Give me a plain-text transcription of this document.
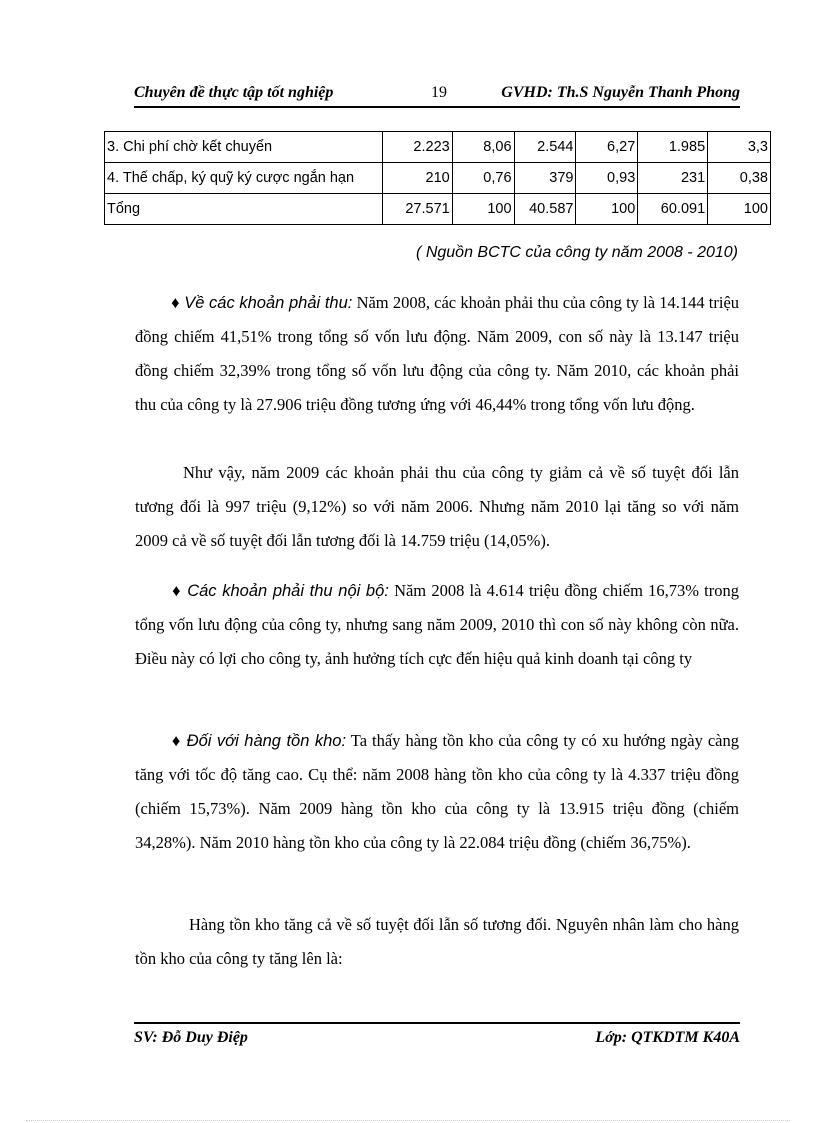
Chuyên đề thực tập tốt nghiệp	19	GVHD: Th.S Nguyễn Thanh Phong
3. Chi phí chờ kết chuyển	2.223	8,06	2.544	6,27	1.985	3,3
4. Thế chấp, ký quỹ ký cược ngắn hạn	210	0,76	379	0,93	231	0,38
Tổng	27.571	100	40.587	100	60.091	100
( Nguồn BCTC của công ty năm 2008 - 2010)
♦ Về các khoản phải thu: Năm 2008, các khoản phải thu của công ty là 14.144 triệu đồng chiếm 41,51% trong tổng số vốn lưu động. Năm 2009, con số này là 13.147 triệu đồng chiếm 32,39% trong tổng số vốn lưu động của công ty. Năm 2010, các khoản phải thu của công ty là 27.906 triệu đồng tương ứng với 46,44% trong tổng vốn lưu động.
Như vậy, năm 2009 các khoản phải thu của công ty giảm cả về số tuyệt đối lẫn tương đối là 997 triệu (9,12%) so với năm 2006. Nhưng năm 2010 lại tăng so với năm 2009 cả về số tuyệt đối lẫn tương đối là 14.759 triệu (14,05%).
♦ Các khoản phải thu nội bộ: Năm 2008 là 4.614 triệu đồng chiếm 16,73% trong tổng vốn lưu động của công ty, nhưng sang năm 2009, 2010 thì con số này không còn nữa. Điều này có lợi cho công ty, ảnh hưởng tích cực đến hiệu quả kinh doanh tại công ty
♦ Đối với hàng tồn kho: Ta thấy hàng tồn kho của công ty có xu hướng ngày càng tăng với tốc độ tăng cao. Cụ thể: năm 2008 hàng tồn kho của công ty là 4.337 triệu đồng (chiếm 15,73%). Năm 2009 hàng tồn kho của công ty là 13.915 triệu đồng (chiếm 34,28%). Năm 2010 hàng tồn kho của công ty là 22.084 triệu đồng (chiếm 36,75%).
Hàng tồn kho tăng cả về số tuyệt đối lẫn số tương đối. Nguyên nhân làm cho hàng tồn kho của công ty tăng lên là:
SV: Đỗ Duy Điệp	Lớp: QTKDTM K40A
